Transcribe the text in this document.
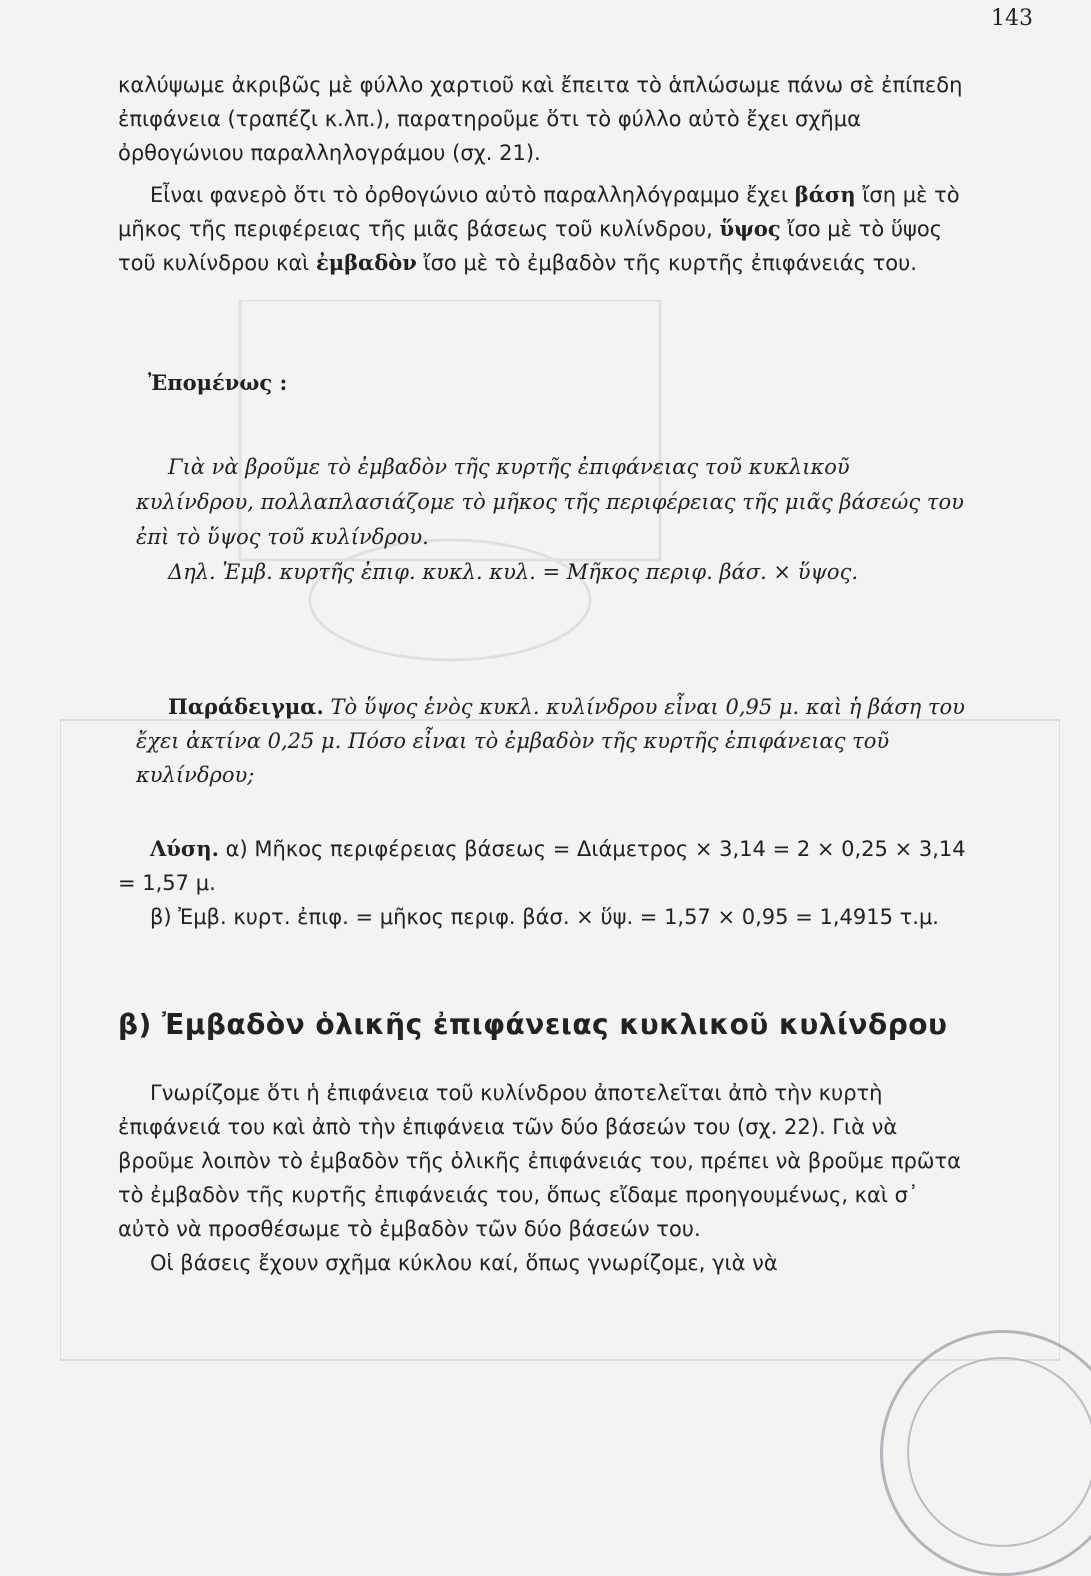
143

καλύψωμε ἀκριβῶς μὲ φύλλο χαρτιοῦ καὶ ἔπειτα τὸ ἁπλώσωμε πάνω σὲ ἐπίπεδη ἐπιφάνεια (τραπέζι κ.λπ.), παρατηροῦμε ὅτι τὸ φύλλο αὐτὸ ἔχει σχῆμα ὀρθογώνιου παραλληλογράμου (σχ. 21).

Εἶναι φανερὸ ὅτι τὸ ὀρθογώνιο αὐτὸ παραλληλόγραμμο ἔχει βάση ἴση μὲ τὸ μῆκος τῆς περιφέρειας τῆς μιᾶς βάσεως τοῦ κυλίνδρου, ὕψος ἴσο μὲ τὸ ὕψος τοῦ κυλίνδρου καὶ ἐμβαδὸν ἴσο μὲ τὸ ἐμβαδὸν τῆς κυρτῆς ἐπιφάνειάς του.

Ἐπομένως :

Γιὰ νὰ βροῦμε τὸ ἐμβαδὸν τῆς κυρτῆς ἐπιφάνειας τοῦ κυκλικοῦ κυλίνδρου, πολλαπλασιάζομε τὸ μῆκος τῆς περιφέρειας τῆς μιᾶς βάσεώς του ἐπὶ τὸ ὕψος τοῦ κυλίνδρου.

Δηλ. Ἐμβ. κυρτῆς ἐπιφ. κυκλ. κυλ. = Μῆκος περιφ. βάσ. × ὕψος.

Παράδειγμα. Τὸ ὕψος ἑνὸς κυκλ. κυλίνδρου εἶναι 0,95 μ. καὶ ἡ βάση του ἔχει ἀκτίνα 0,25 μ. Πόσο εἶναι τὸ ἐμβαδὸν τῆς κυρτῆς ἐπιφάνειας τοῦ κυλίνδρου;

Λύση. α) Μῆκος περιφέρειας βάσεως = Διάμετρος × 3,14 = 2 × 0,25 × 3,14 = 1,57 μ.

β) Ἐμβ. κυρτ. ἐπιφ. = μῆκος περιφ. βάσ. × ὕψ. = 1,57 × 0,95 = 1,4915 τ.μ.

β) Ἐμβαδὸν ὁλικῆς ἐπιφάνειας κυκλικοῦ κυλίνδρου

Γνωρίζομε ὅτι ἡ ἐπιφάνεια τοῦ κυλίνδρου ἀποτελεῖται ἀπὸ τὴν κυρτὴ ἐπιφάνειά του καὶ ἀπὸ τὴν ἐπιφάνεια τῶν δύο βάσεών του (σχ. 22). Γιὰ νὰ βροῦμε λοιπὸν τὸ ἐμβαδὸν τῆς ὁλικῆς ἐπιφάνειάς του, πρέπει νὰ βροῦμε πρῶτα τὸ ἐμβαδὸν τῆς κυρτῆς ἐπιφάνειάς του, ὅπως εἴδαμε προηγουμένως, καὶ σ᾽ αὐτὸ νὰ προσθέσωμε τὸ ἐμβαδὸν τῶν δύο βάσεών του.

Οἱ βάσεις ἔχουν σχῆμα κύκλου καί, ὅπως γνωρίζομε, γιὰ νὰ
